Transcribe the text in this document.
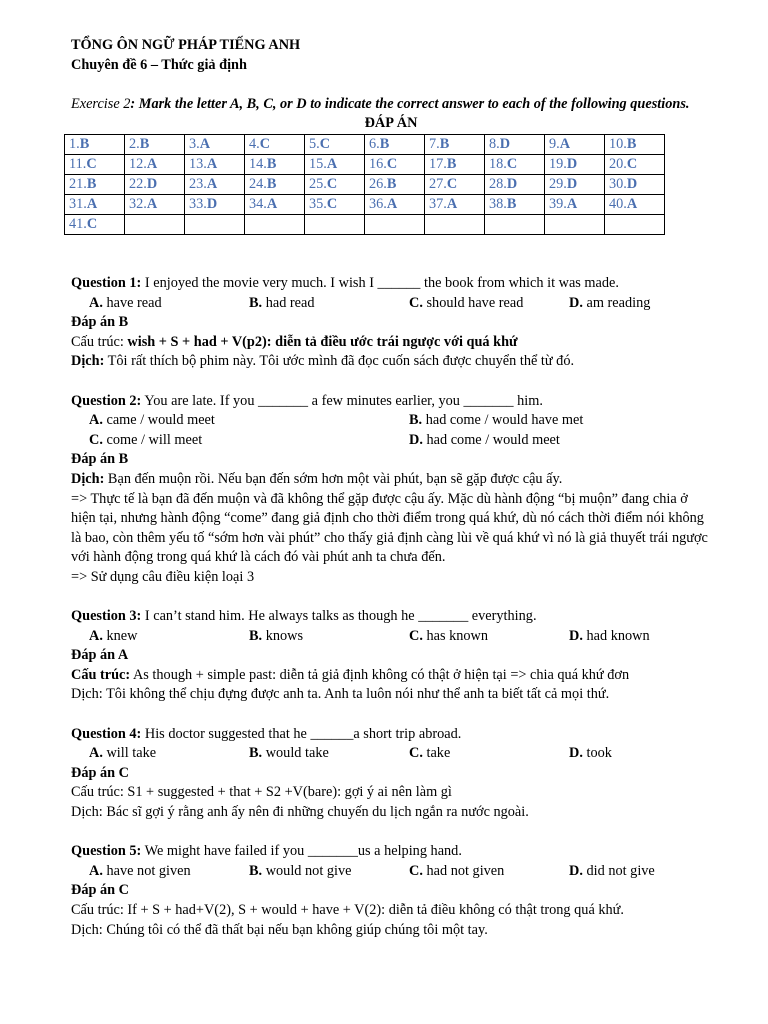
TỔNG ÔN NGỮ PHÁP TIẾNG ANH

Chuyên đề 6 – Thức giả định

Exercise 2: Mark the letter A, B, C, or D to indicate the correct answer to each of the following questions.

ĐÁP ÁN

1.B	2.B	3.A	4.C	5.C	6.B	7.B	8.D	9.A	10.B
11.C	12.A	13.A	14.B	15.A	16.C	17.B	18.C	19.D	20.C
21.B	22.D	23.A	24.B	25.C	26.B	27.C	28.D	29.D	30.D
31.A	32.A	33.D	34.A	35.C	36.A	37.A	38.B	39.A	40.A
41.C									

Question 1: I enjoyed the movie very much. I wish I ______ the book from which it was made.

A. have read	B. had read	C. should have read	D. am reading

Đáp án B

Cấu trúc: wish + S + had + V(p2): diễn tả điều ước trái ngược với quá khứ

Dịch: Tôi rất thích bộ phim này. Tôi ước mình đã đọc cuốn sách được chuyển thể từ đó.

Question 2: You are late. If you _______ a few minutes earlier, you _______ him.

A. came / would meet	B. had come / would have met
C. come / will meet	D. had come / would meet

Đáp án B

Dịch: Bạn đến muộn rồi. Nếu bạn đến sớm hơn một vài phút, bạn sẽ gặp được cậu ấy.

=> Thực tế là bạn đã đến muộn và đã không thể gặp được cậu ấy. Mặc dù hành động “bị muộn” đang chia ở hiện tại, nhưng hành động “come” đang giả định cho thời điểm trong quá khứ, dù nó cách thời điểm nói không là bao, còn thêm yếu tố “sớm hơn vài phút” cho thấy giả định càng lùi về quá khứ vì nó là giả thuyết trái ngược với hành động trong quá khứ là cách đó vài phút anh ta chưa đến.

=> Sử dụng câu điều kiện loại 3

Question 3: I can’t stand him. He always talks as though he _______ everything.

A. knew	B. knows	C. has known	D. had known

Đáp án A

Cấu trúc: As though + simple past: diễn tả giả định không có thật ở hiện tại => chia quá khứ đơn

Dịch: Tôi không thể chịu đựng được anh ta. Anh ta luôn nói như thể anh ta biết tất cả mọi thứ.

Question 4: His doctor suggested that he ______a short trip abroad.

A. will take	B. would take	C. take	D. took

Đáp án C

Cấu trúc: S1 + suggested + that + S2 +V(bare): gợi ý ai nên làm gì

Dịch: Bác sĩ gợi ý rằng anh ấy nên đi những chuyến du lịch ngắn ra nước ngoài.

Question 5: We might have failed if you _______us a helping hand.

A. have not given	B. would not give	C. had not given	D. did not give

Đáp án C

Cấu trúc: If + S + had+V(2), S + would + have + V(2): diễn tả điều không có thật trong quá khứ.

Dịch: Chúng tôi có thể đã thất bại nếu bạn không giúp chúng tôi một tay.
